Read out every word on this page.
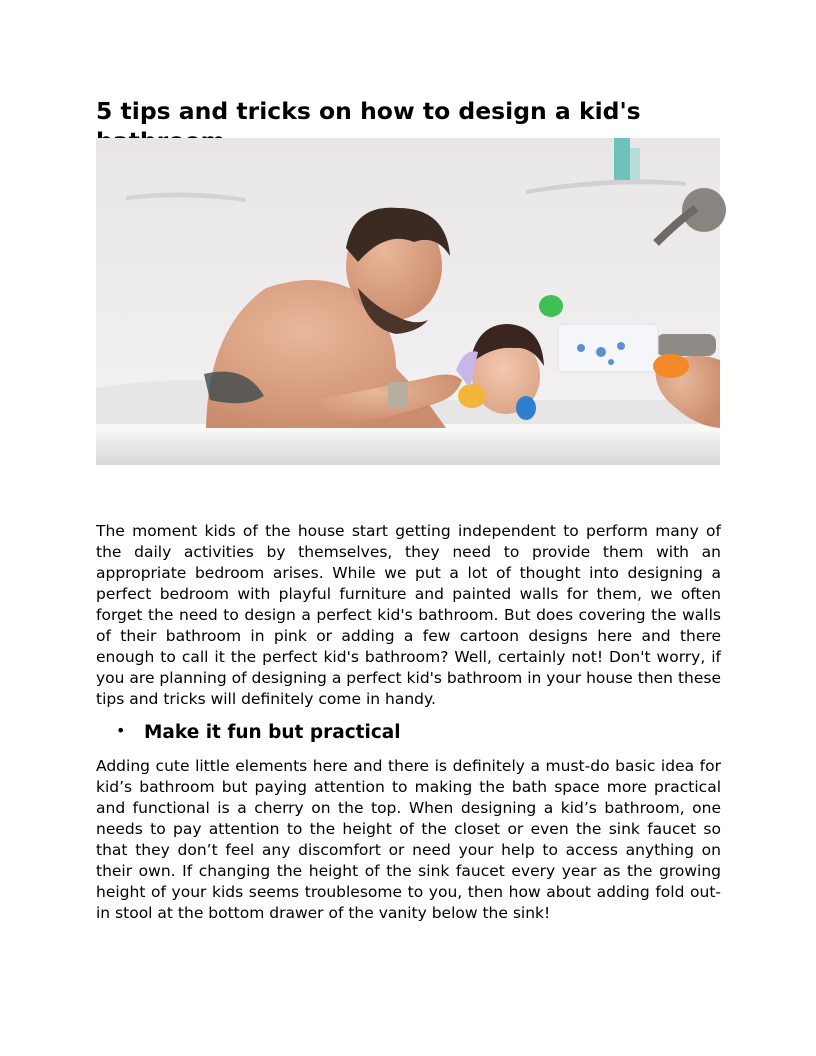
5 tips and tricks on how to design a kid's

The moment kids of the house start getting independent to perform many of the daily activities by themselves, they need to provide them with an appropriate bedroom arises. While we put a lot of thought into designing a perfect bedroom with playful furniture and painted walls for them, we often forget the need to design a perfect kid's bathroom. But does covering the walls of their bathroom in pink or adding a few cartoon designs here and there enough to call it the perfect kid's bathroom? Well, certainly not! Don't worry, if you are planning of designing a perfect kid's bathroom in your house then these tips and tricks will definitely come in handy.

• Make it fun but practical

Adding cute little elements here and there is definitely a must-do basic idea for kid’s bathroom but paying attention to making the bath space more practical and functional is a cherry on the top. When designing a kid’s bathroom, one needs to pay attention to the height of the closet or even the sink faucet so that they don’t feel any discomfort or need your help to access anything on their own. If changing the height of the sink faucet every year as the growing height of your kids seems troublesome to you, then how about adding fold out-in stool at the bottom drawer of the vanity below the sink!
